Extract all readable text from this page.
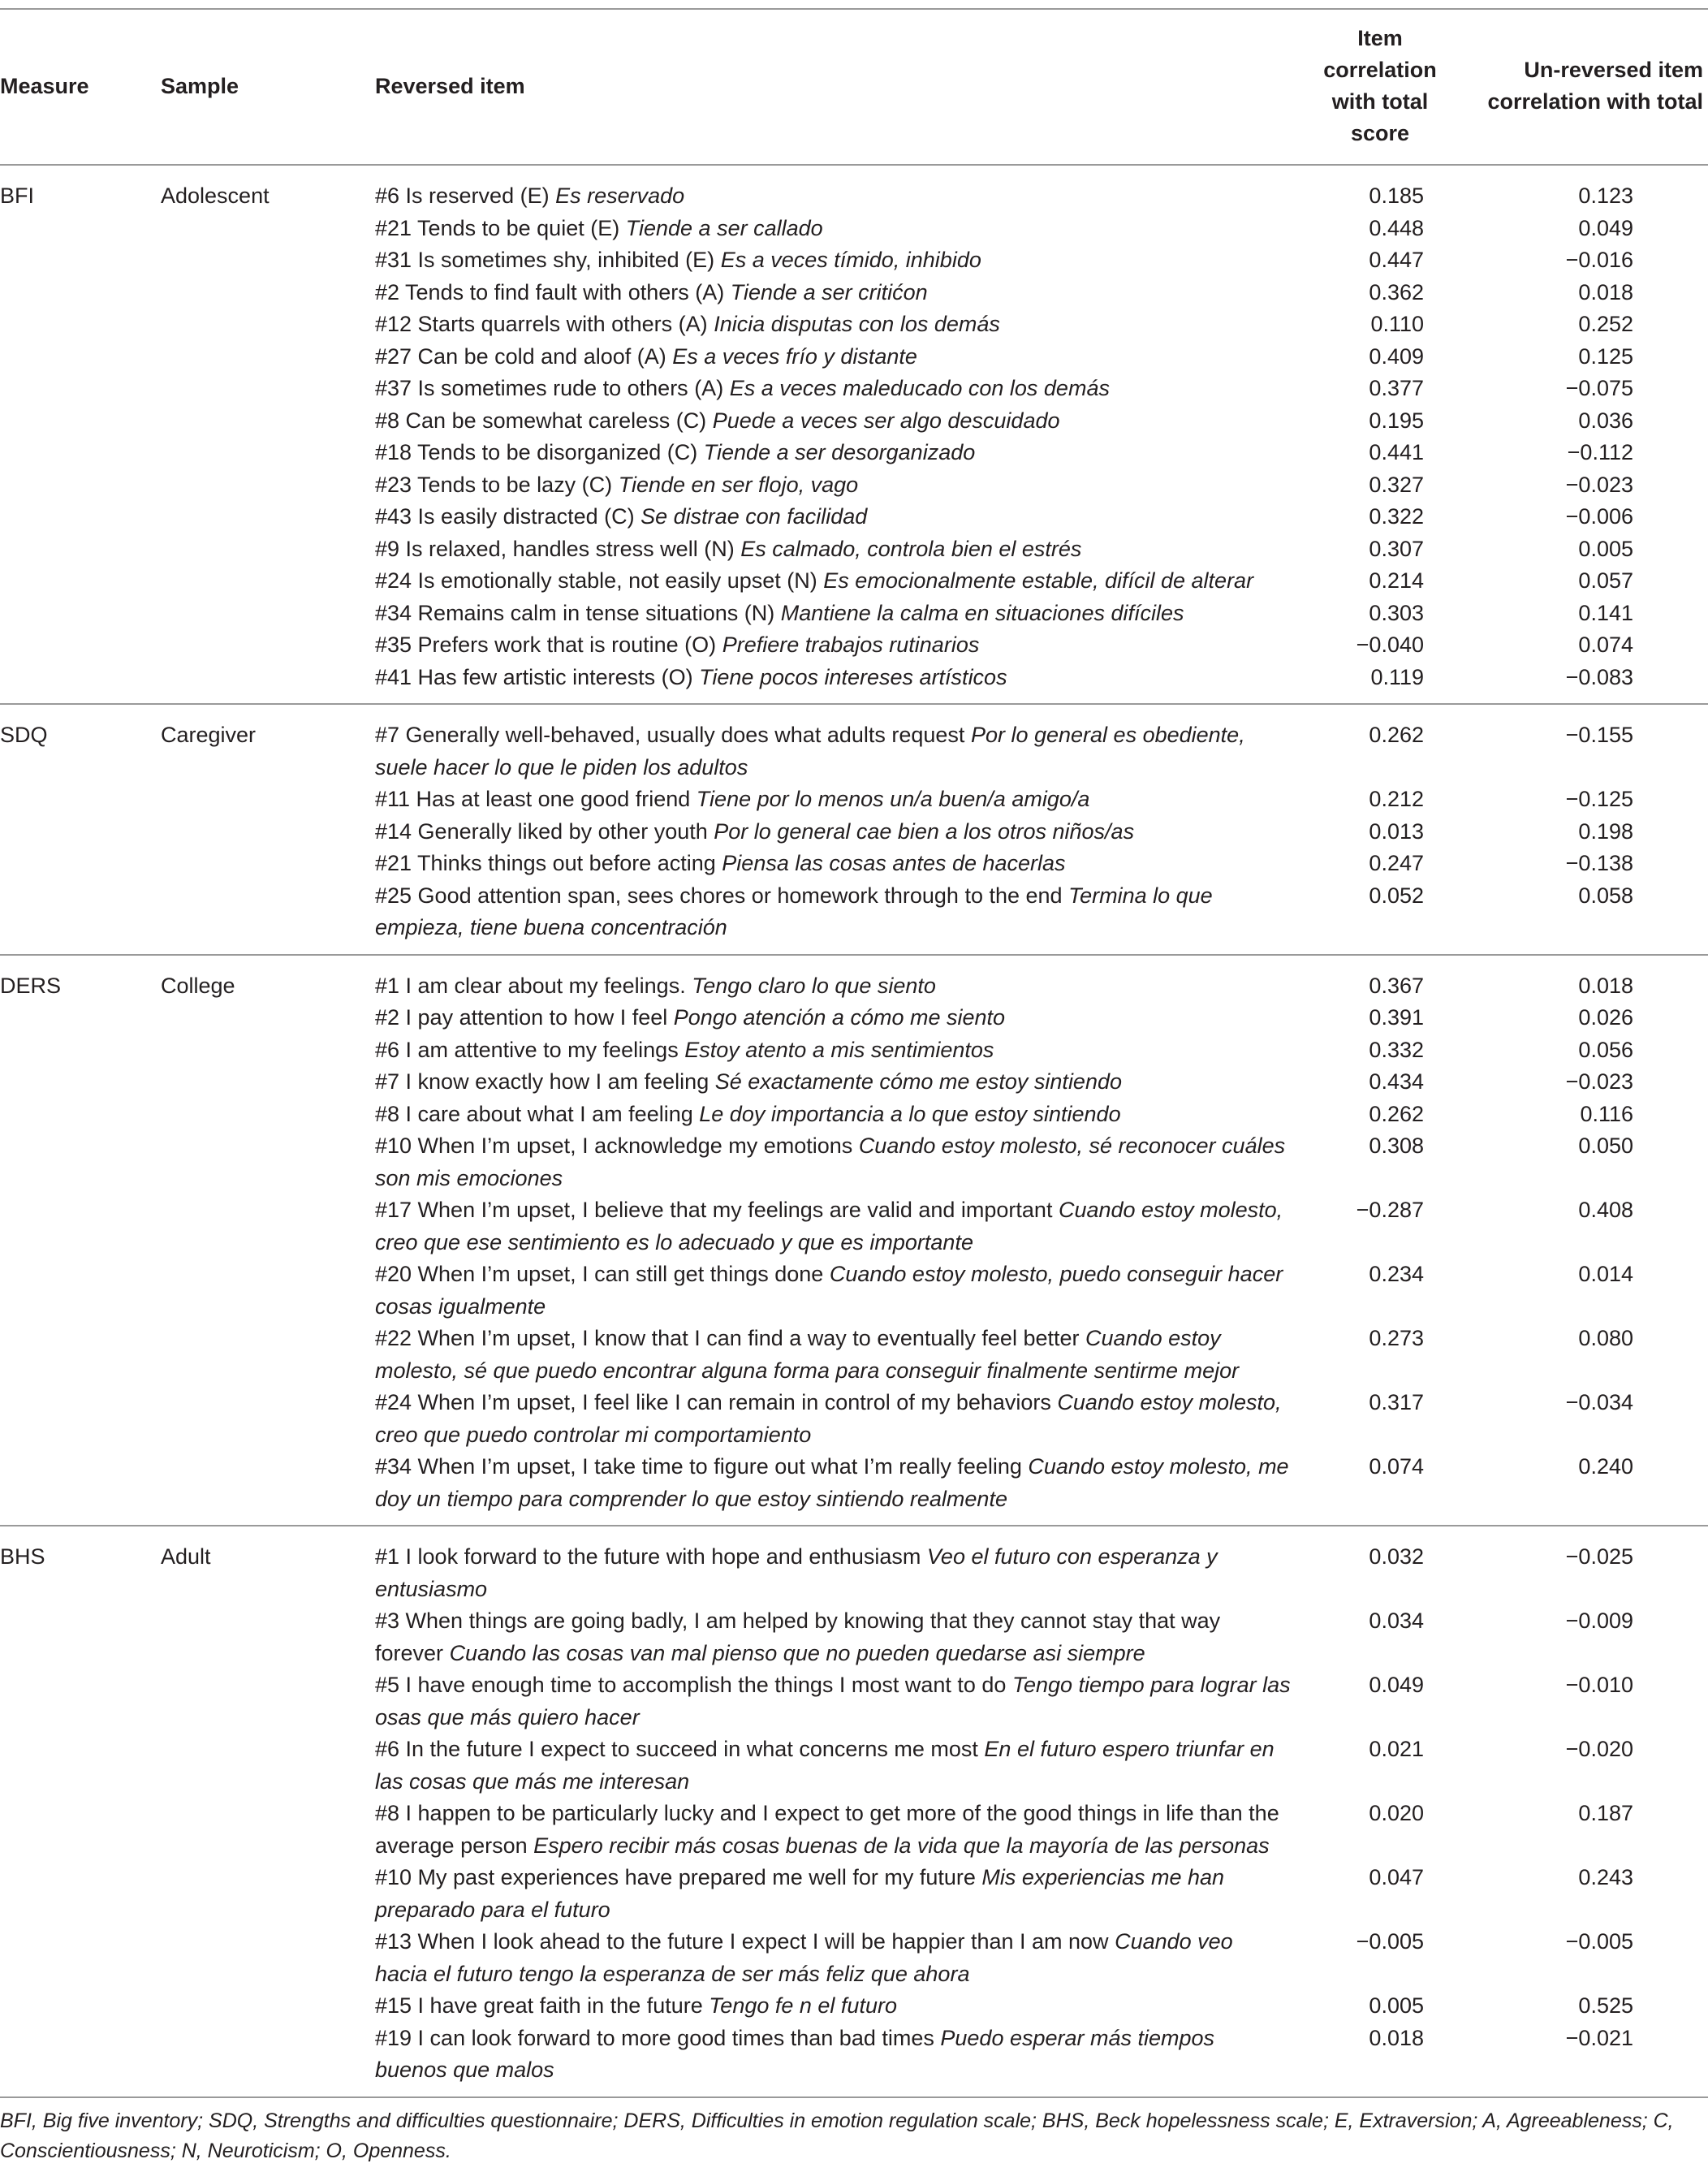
Measure	Sample	Reversed item	Item correlation with total score	Un-reversed item correlation with total
BFI	Adolescent	#6 Is reserved (E) Es reservado	0.185	0.123
		#21 Tends to be quiet (E) Tiende a ser callado	0.448	0.049
		#31 Is sometimes shy, inhibited (E) Es a veces tímido, inhibido	0.447	−0.016
		#2 Tends to find fault with others (A) Tiende a ser critićon	0.362	0.018
		#12 Starts quarrels with others (A) Inicia disputas con los demás	0.110	0.252
		#27 Can be cold and aloof (A) Es a veces frío y distante	0.409	0.125
		#37 Is sometimes rude to others (A) Es a veces maleducado con los demás	0.377	−0.075
		#8 Can be somewhat careless (C) Puede a veces ser algo descuidado	0.195	0.036
		#18 Tends to be disorganized (C) Tiende a ser desorganizado	0.441	−0.112
		#23 Tends to be lazy (C) Tiende en ser flojo, vago	0.327	−0.023
		#43 Is easily distracted (C) Se distrae con facilidad	0.322	−0.006
		#9 Is relaxed, handles stress well (N) Es calmado, controla bien el estrés	0.307	0.005
		#24 Is emotionally stable, not easily upset (N) Es emocionalmente estable, difícil de alterar	0.214	0.057
		#34 Remains calm in tense situations (N) Mantiene la calma en situaciones difíciles	0.303	0.141
		#35 Prefers work that is routine (O) Prefiere trabajos rutinarios	−0.040	0.074
		#41 Has few artistic interests (O) Tiene pocos intereses artísticos	0.119	−0.083
SDQ	Caregiver	#7 Generally well-behaved, usually does what adults request Por lo general es obediente, suele hacer lo que le piden los adultos	0.262	−0.155
		#11 Has at least one good friend Tiene por lo menos un/a buen/a amigo/a	0.212	−0.125
		#14 Generally liked by other youth Por lo general cae bien a los otros niños/as	0.013	0.198
		#21 Thinks things out before acting Piensa las cosas antes de hacerlas	0.247	−0.138
		#25 Good attention span, sees chores or homework through to the end Termina lo que empieza, tiene buena concentración	0.052	0.058
DERS	College	#1 I am clear about my feelings. Tengo claro lo que siento	0.367	0.018
		#2 I pay attention to how I feel Pongo atención a cómo me siento	0.391	0.026
		#6 I am attentive to my feelings Estoy atento a mis sentimientos	0.332	0.056
		#7 I know exactly how I am feeling Sé exactamente cómo me estoy sintiendo	0.434	−0.023
		#8 I care about what I am feeling Le doy importancia a lo que estoy sintiendo	0.262	0.116
		#10 When I’m upset, I acknowledge my emotions Cuando estoy molesto, sé reconocer cuáles son mis emociones	0.308	0.050
		#17 When I’m upset, I believe that my feelings are valid and important Cuando estoy molesto, creo que ese sentimiento es lo adecuado y que es importante	−0.287	0.408
		#20 When I’m upset, I can still get things done Cuando estoy molesto, puedo conseguir hacer cosas igualmente	0.234	0.014
		#22 When I’m upset, I know that I can find a way to eventually feel better Cuando estoy molesto, sé que puedo encontrar alguna forma para conseguir finalmente sentirme mejor	0.273	0.080
		#24 When I’m upset, I feel like I can remain in control of my behaviors Cuando estoy molesto, creo que puedo controlar mi comportamiento	0.317	−0.034
		#34 When I’m upset, I take time to figure out what I’m really feeling Cuando estoy molesto, me doy un tiempo para comprender lo que estoy sintiendo realmente	0.074	0.240
BHS	Adult	#1 I look forward to the future with hope and enthusiasm Veo el futuro con esperanza y entusiasmo	0.032	−0.025
		#3 When things are going badly, I am helped by knowing that they cannot stay that way forever Cuando las cosas van mal pienso que no pueden quedarse asi siempre	0.034	−0.009
		#5 I have enough time to accomplish the things I most want to do Tengo tiempo para lograr las osas que más quiero hacer	0.049	−0.010
		#6 In the future I expect to succeed in what concerns me most En el futuro espero triunfar en las cosas que más me interesan	0.021	−0.020
		#8 I happen to be particularly lucky and I expect to get more of the good things in life than the average person Espero recibir más cosas buenas de la vida que la mayoría de las personas	0.020	0.187
		#10 My past experiences have prepared me well for my future Mis experiencias me han preparado para el futuro	0.047	0.243
		#13 When I look ahead to the future I expect I will be happier than I am now Cuando veo hacia el futuro tengo la esperanza de ser más feliz que ahora	−0.005	−0.005
		#15 I have great faith in the future Tengo fe n el futuro	0.005	0.525
		#19 I can look forward to more good times than bad times Puedo esperar más tiempos buenos que malos	0.018	−0.021
BFI, Big five inventory; SDQ, Strengths and difficulties questionnaire; DERS, Difficulties in emotion regulation scale; BHS, Beck hopelessness scale; E, Extraversion; A, Agreeableness; C, Conscientiousness; N, Neuroticism; O, Openness.
